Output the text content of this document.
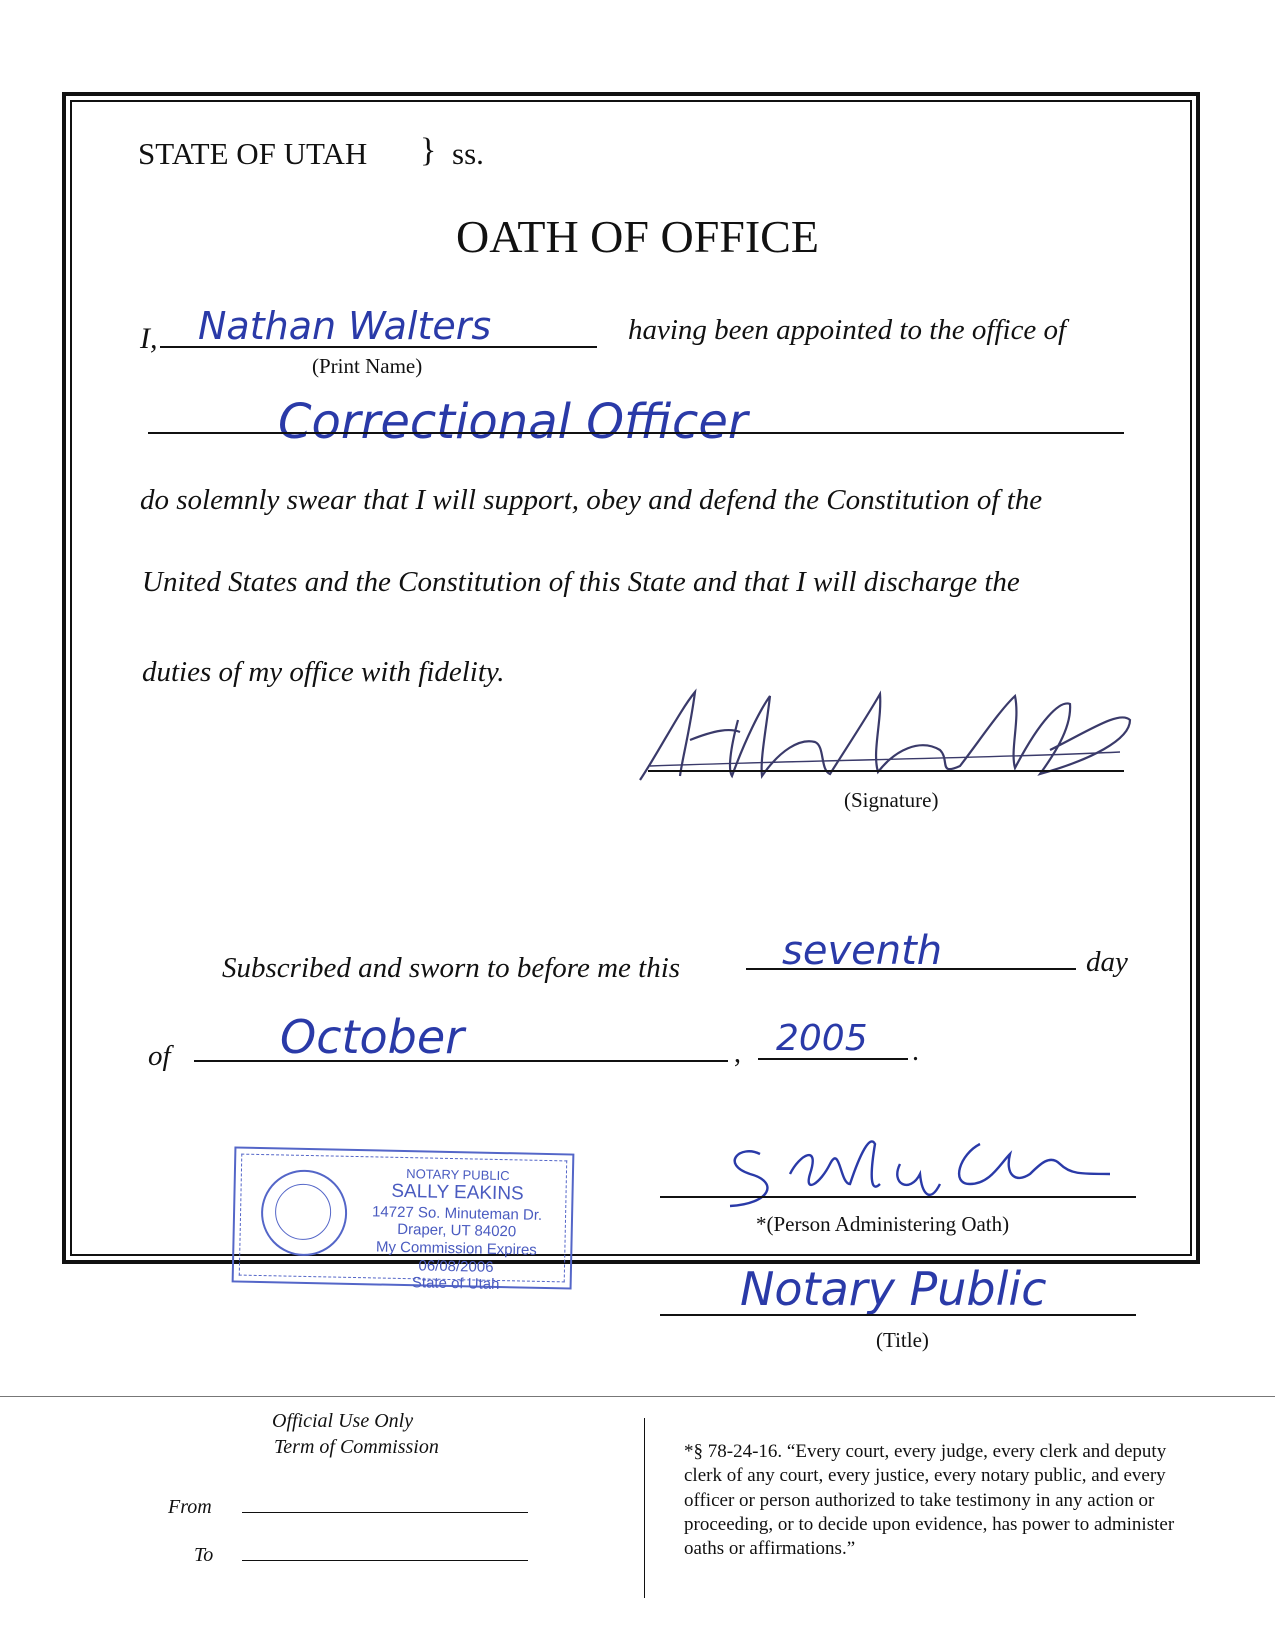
STATE OF UTAH } ss.
OATH OF OFFICE
I, Nathan Walters
(Print Name)
having been appointed to the office of
Correctional Officer
do solemnly swear that I will support, obey and defend the Constitution of the
United States and the Constitution of this State and that I will discharge the
duties of my office with fidelity.
(Signature)
Subscribed and sworn to before me this	seventh	day
of October	, 2005 .
NOTARY PUBLIC
SALLY EAKINS
14727 So. Minuteman Dr.
Draper, UT 84020
My Commission Expires 06/08/2006
State of Utah
*(Person Administering Oath)
Notary Public
(Title)
Official Use Only
Term of Commission
From
To
*§ 78-24-16. “Every court, every judge, every clerk and deputy clerk of any court, every justice, every notary public, and every officer or person authorized to take testimony in any action or proceeding, or to decide upon evidence, has power to administer oaths or affirmations.”
